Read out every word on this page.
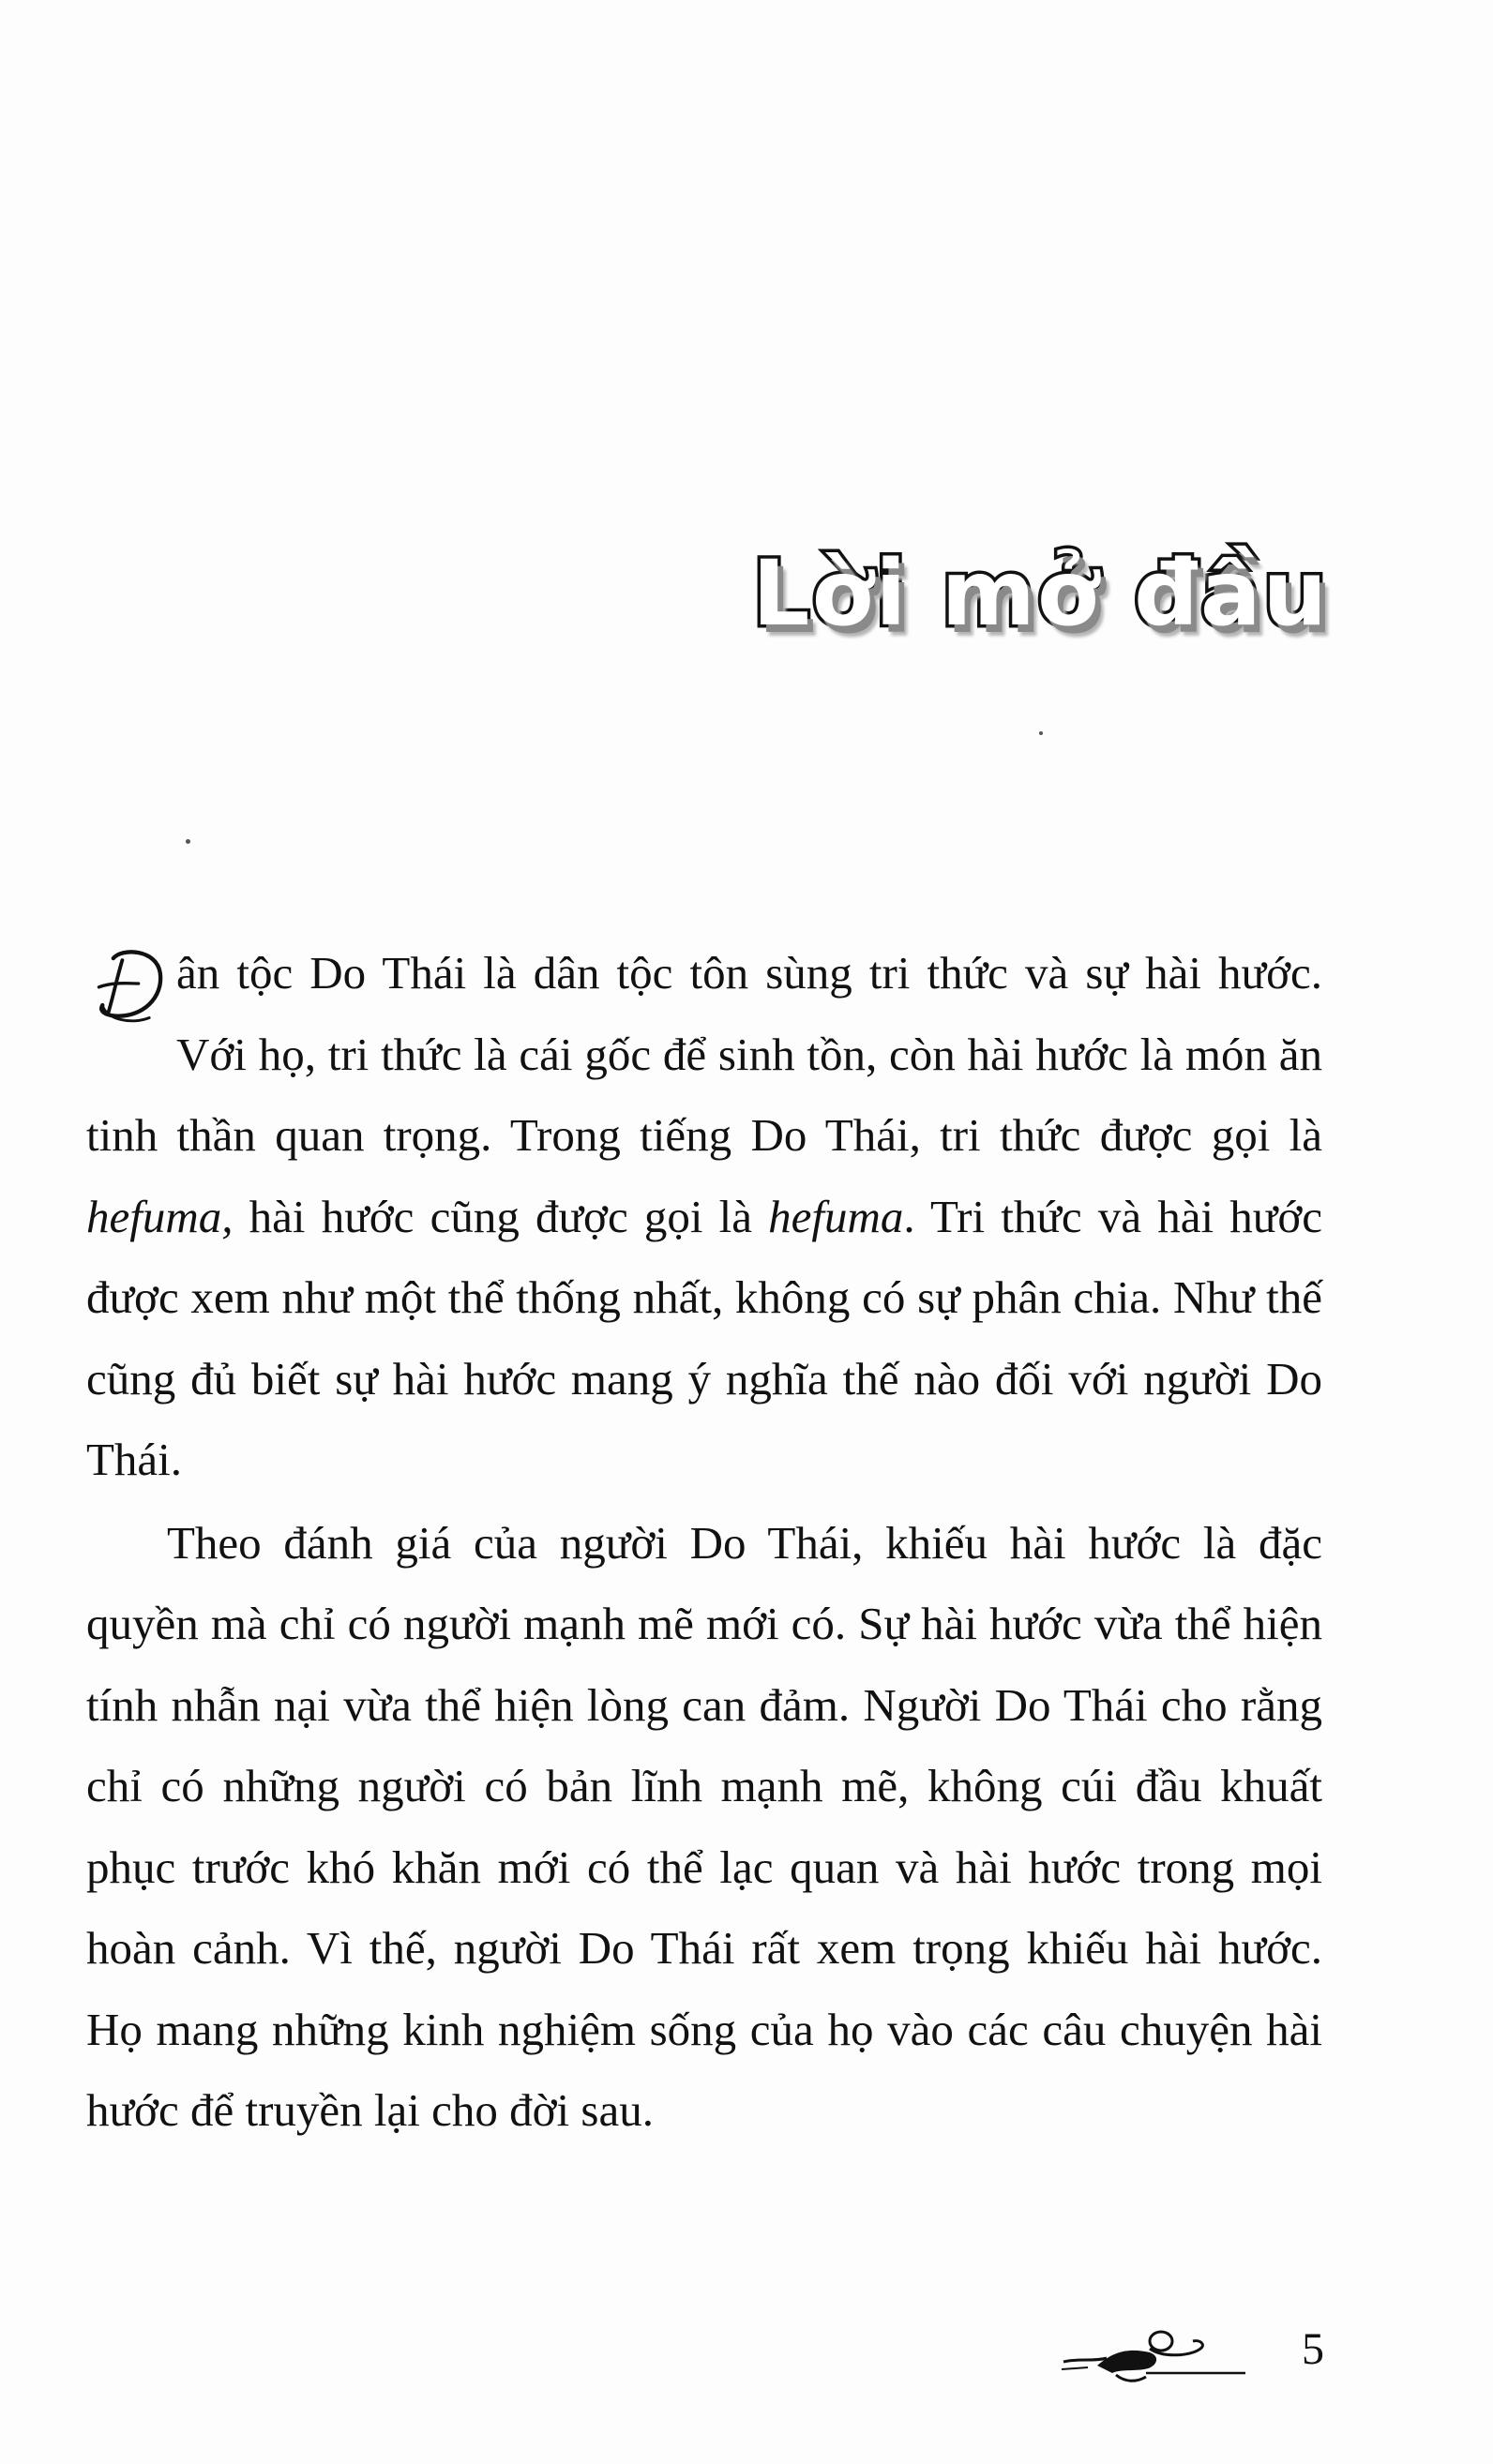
Lời mở đầu

ân tộc Do Thái là dân tộc tôn sùng tri thức và sự hài hước. Với họ, tri thức là cái gốc để sinh tồn, còn hài hước là món ăn tinh thần quan trọng. Trong tiếng Do Thái, tri thức được gọi là hefuma, hài hước cũng được gọi là hefuma. Tri thức và hài hước được xem như một thể thống nhất, không có sự phân chia. Như thế cũng đủ biết sự hài hước mang ý nghĩa thế nào đối với người Do Thái.

Theo đánh giá của người Do Thái, khiếu hài hước là đặc quyền mà chỉ có người mạnh mẽ mới có. Sự hài hước vừa thể hiện tính nhẫn nại vừa thể hiện lòng can đảm. Người Do Thái cho rằng chỉ có những người có bản lĩnh mạnh mẽ, không cúi đầu khuất phục trước khó khăn mới có thể lạc quan và hài hước trong mọi hoàn cảnh. Vì thế, người Do Thái rất xem trọng khiếu hài hước. Họ mang những kinh nghiệm sống của họ vào các câu chuyện hài hước để truyền lại cho đời sau.

5
